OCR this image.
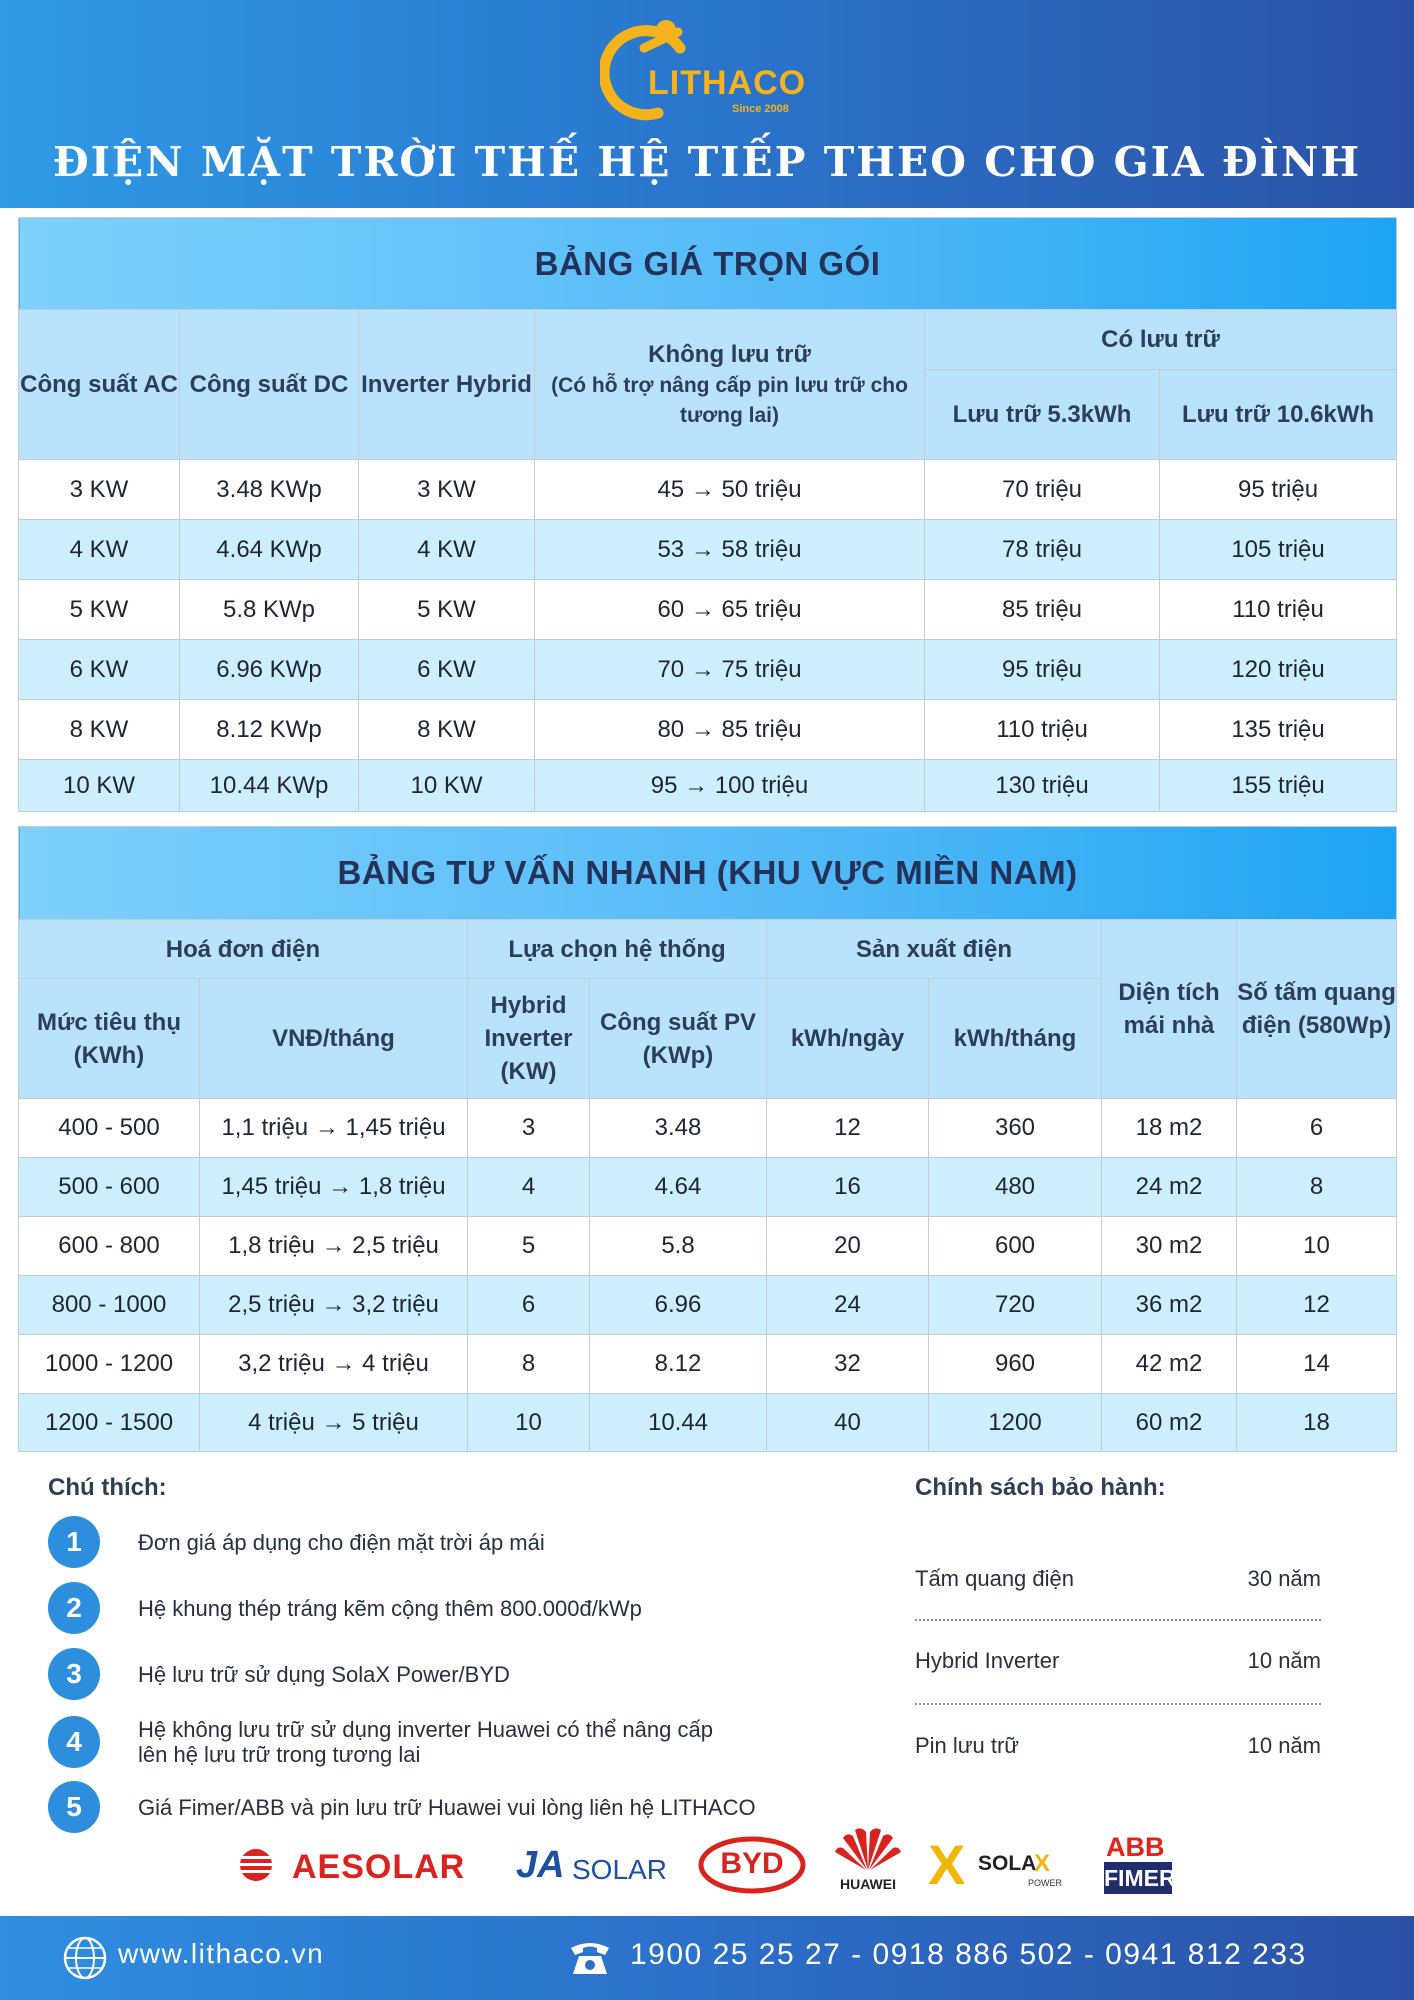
LITHACO
Since 2008
ĐIỆN MẶT TRỜI THẾ HỆ TIẾP THEO CHO GIA ĐÌNH
BẢNG GIÁ TRỌN GÓI					
Công suất AC	Công suất DC	Inverter Hybrid	Không lưu trữ
(Có hỗ trợ nâng cấp pin lưu trữ cho tương lai)	Có lưu trữ	
				Lưu trữ 5.3kWh	Lưu trữ 10.6kWh
3 KW	3.48 KWp	3 KW	45 → 50 triệu	70 triệu	95 triệu
4 KW	4.64 KWp	4 KW	53 → 58 triệu	78 triệu	105 triệu
5 KW	5.8 KWp	5 KW	60 → 65 triệu	85 triệu	110 triệu
6 KW	6.96 KWp	6 KW	70 → 75 triệu	95 triệu	120 triệu
8 KW	8.12 KWp	8 KW	80 → 85 triệu	110 triệu	135 triệu
10 KW	10.44 KWp	10 KW	95 → 100 triệu	130 triệu	155 triệu
BẢNG TƯ VẤN NHANH (KHU VỰC MIỀN NAM)							
Hoá đơn điện		Lựa chọn hệ thống		Sản xuất điện		Diện tích mái nhà	Số tấm quang điện (580Wp)
Mức tiêu thụ (KWh)	VNĐ/tháng	Hybrid Inverter (KW)	Công suất PV (KWp)	kWh/ngày	kWh/tháng		
400 - 500	1,1 triệu → 1,45 triệu	3	3.48	12	360	18 m2	6
500 - 600	1,45 triệu → 1,8 triệu	4	4.64	16	480	24 m2	8
600 - 800	1,8 triệu → 2,5 triệu	5	5.8	20	600	30 m2	10
800 - 1000	2,5 triệu → 3,2 triệu	6	6.96	24	720	36 m2	12
1000 - 1200	3,2 triệu → 4 triệu	8	8.12	32	960	42 m2	14
1200 - 1500	4 triệu → 5 triệu	10	10.44	40	1200	60 m2	18
Chú thích:
1	Đơn giá áp dụng cho điện mặt trời áp mái
2	Hệ khung thép tráng kẽm cộng thêm 800.000đ/kWp
3	Hệ lưu trữ sử dụng SolaX Power/BYD
4	Hệ không lưu trữ sử dụng inverter Huawei có thể nâng cấp lên hệ lưu trữ trong tương lai
5	Giá Fimer/ABB và pin lưu trữ Huawei vui lòng liên hệ LITHACO
Chính sách bảo hành:
Tấm quang điện	30 năm
Hybrid Inverter	10 năm
Pin lưu trữ	10 năm
AESOLAR JA SOLAR	BYD
HUAWEI X SOLA
X
POWER
ABB
FIMER
www.lithaco.vn	1900 25 25 27 - 0918 886 502 - 0941 812 233
